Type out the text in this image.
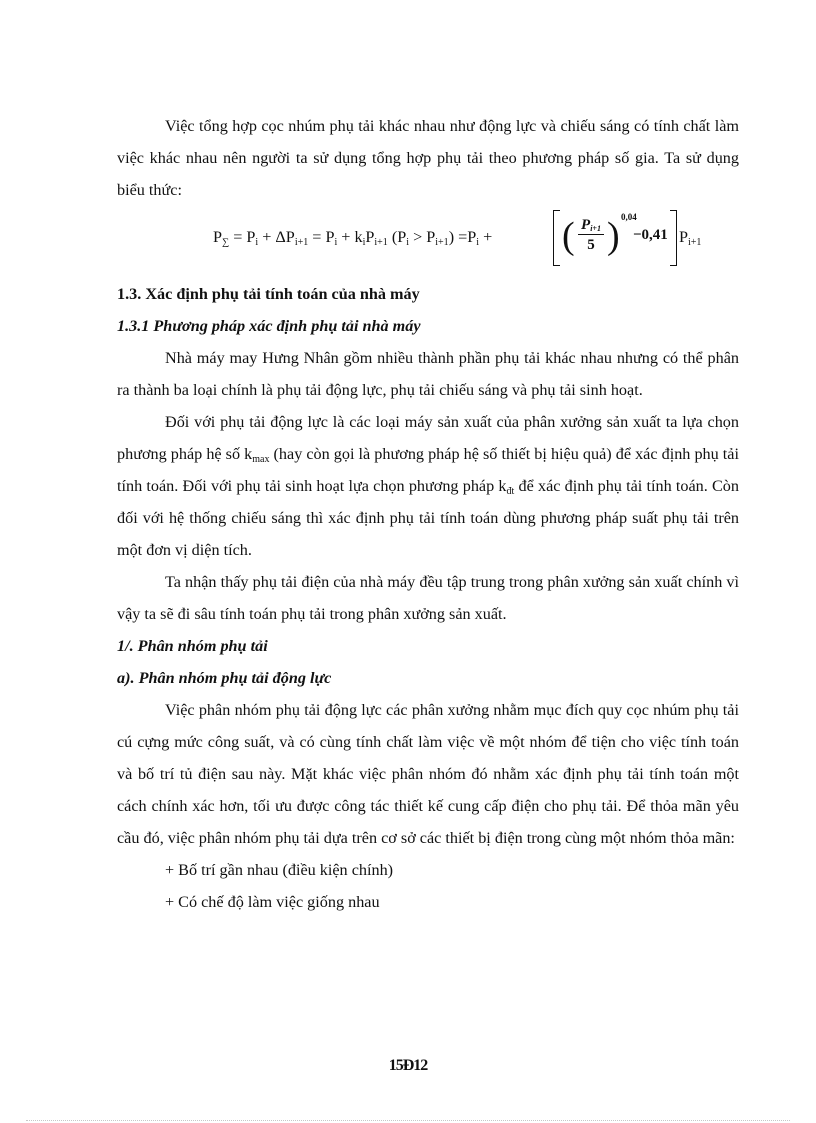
Việc tổng hợp cọc nhúm phụ tải khác nhau như động lực và chiếu sáng có tính chất làm việc khác nhau nên người ta sử dụng tổng hợp phụ tải theo phương pháp số gia. Ta sử dụng biểu thức:

$P_\sum = P_i + \Delta P_{i+1} = P_i + k_iP_{i+1}$ $(P_i > P_{i+1}) =P_i$ + ( $\frac{P_{i+1}}{5}$ ) 0,04
−0,41 $P_{i+1}$
1.3. Xác định phụ tải tính toán của nhà máy
1.3.1 Phương pháp xác định phụ tải nhà máy

Nhà máy may Hưng Nhân gồm nhiều thành phần phụ tải khác nhau nhưng có thể phân ra thành ba loại chính là phụ tải động lực, phụ tải chiếu sáng và phụ tải sinh hoạt.

Đối với phụ tải động lực là các loại máy sản xuất của phân xưởng sản xuất ta lựa chọn phương pháp hệ số $k_{max}$ (hay còn gọi là phương pháp hệ số thiết bị hiệu quả) để xác định phụ tải tính toán. Đối với phụ tải sinh hoạt lựa chọn phương pháp $k_{đt}$ để xác định phụ tải tính toán. Còn đối với hệ thống chiếu sáng thì xác định phụ tải tính toán dùng phương pháp suất phụ tải trên một đơn vị diện tích.

Ta nhận thấy phụ tải điện của nhà máy đều tập trung trong phân xưởng sản xuất chính vì vậy ta sẽ đi sâu tính toán phụ tải trong phân xưởng sản xuất.

1/. Phân nhóm phụ tải
a). Phân nhóm phụ tải động lực

Việc phân nhóm phụ tải động lực các phân xưởng nhằm mục đích quy cọc nhúm phụ tải cú cựng mức công suất, và có cùng tính chất làm việc về một nhóm để tiện cho việc tính toán và bố trí tủ điện sau này. Mặt khác việc phân nhóm đó nhằm xác định phụ tải tính toán một cách chính xác hơn, tối ưu được công tác thiết kế cung cấp điện cho phụ tải. Để thỏa mãn yêu cầu đó, việc phân nhóm phụ tải dựa trên cơ sở các thiết bị điện trong cùng một nhóm thỏa mãn:

+ Bố trí gần nhau (điều kiện chính)

+ Có chế độ làm việc giống nhau

15Ð12
